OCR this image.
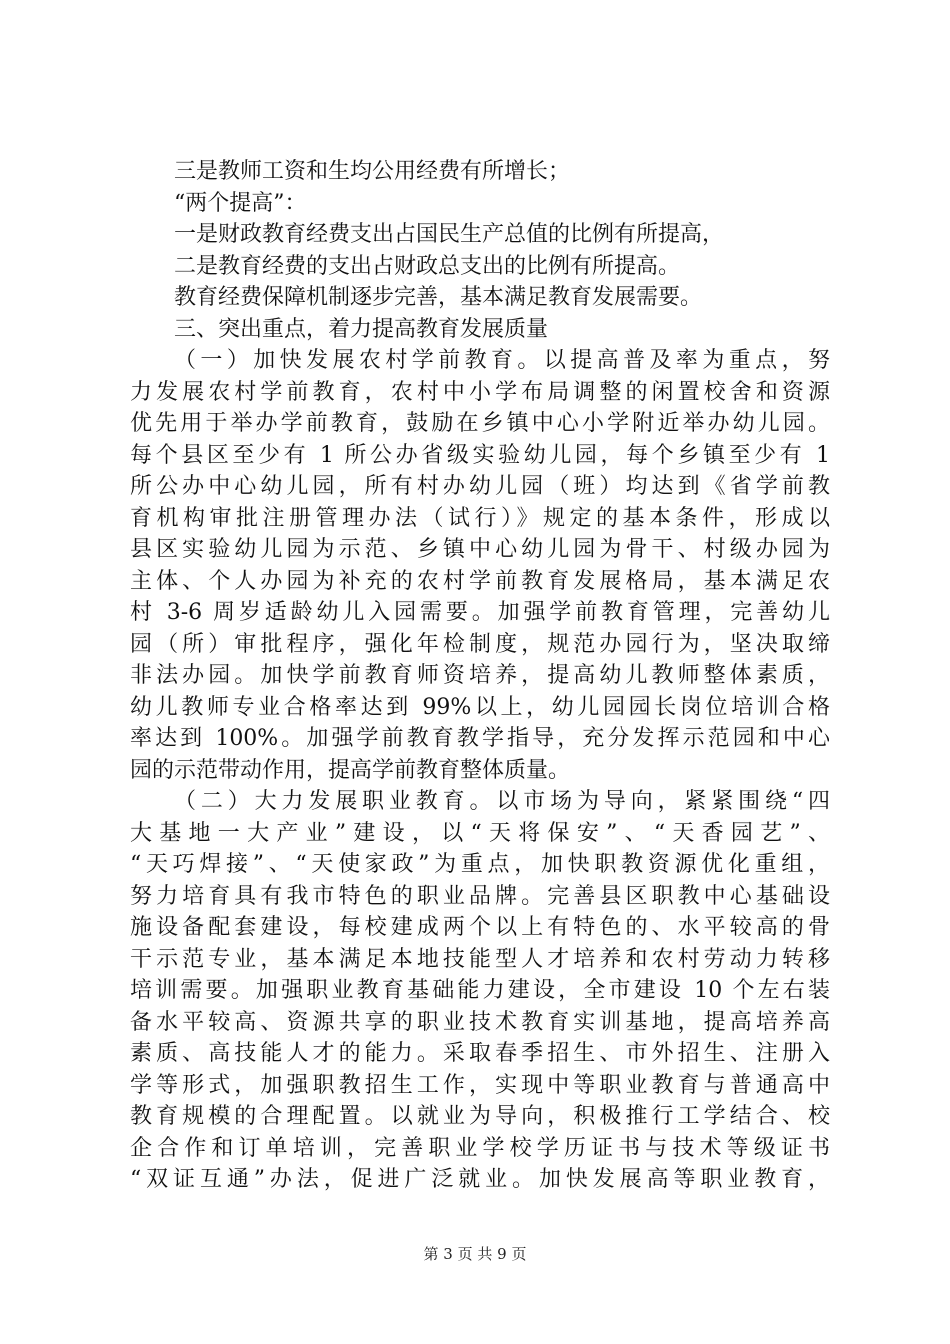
三是教师工资和生均公用经费有所增长；
“两个提高”：
一是财政教育经费支出占国民生产总值的比例有所提高，
二是教育经费的支出占财政总支出的比例有所提高。
教育经费保障机制逐步完善，基本满足教育发展需要。
三、突出重点，着力提高教育发展质量
（一）加快发展农村学前教育。以提高普及率为重点，努
力发展农村学前教育，农村中小学布局调整的闲置校舍和资源
优先用于举办学前教育，鼓励在乡镇中心小学附近举办幼儿园。
每个县区至少有 1 所公办省级实验幼儿园，每个乡镇至少有 1
所公办中心幼儿园，所有村办幼儿园（班）均达到《省学前教
育机构审批注册管理办法（试行）》规定的基本条件，形成以
县区实验幼儿园为示范、乡镇中心幼儿园为骨干、村级办园为
主体、个人办园为补充的农村学前教育发展格局，基本满足农
村 3-6 周岁适龄幼儿入园需要。加强学前教育管理，完善幼儿
园（所）审批程序，强化年检制度，规范办园行为，坚决取缔
非法办园。加快学前教育师资培养，提高幼儿教师整体素质，
幼儿教师专业合格率达到 99%以上，幼儿园园长岗位培训合格
率达到 100%。加强学前教育教学指导，充分发挥示范园和中心
园的示范带动作用，提高学前教育整体质量。
（二）大力发展职业教育。以市场为导向，紧紧围绕“四
大基地一大产业”建设，以“天将保安”、“天香园艺”、
“天巧焊接”、“天使家政”为重点，加快职教资源优化重组，
努力培育具有我市特色的职业品牌。完善县区职教中心基础设
施设备配套建设，每校建成两个以上有特色的、水平较高的骨
干示范专业，基本满足本地技能型人才培养和农村劳动力转移
培训需要。加强职业教育基础能力建设，全市建设 10 个左右装
备水平较高、资源共享的职业技术教育实训基地，提高培养高
素质、高技能人才的能力。采取春季招生、市外招生、注册入
学等形式，加强职教招生工作，实现中等职业教育与普通高中
教育规模的合理配置。以就业为导向，积极推行工学结合、校
企合作和订单培训，完善职业学校学历证书与技术等级证书
“双证互通”办法，促进广泛就业。加快发展高等职业教育，
第 3 页 共 9 页
